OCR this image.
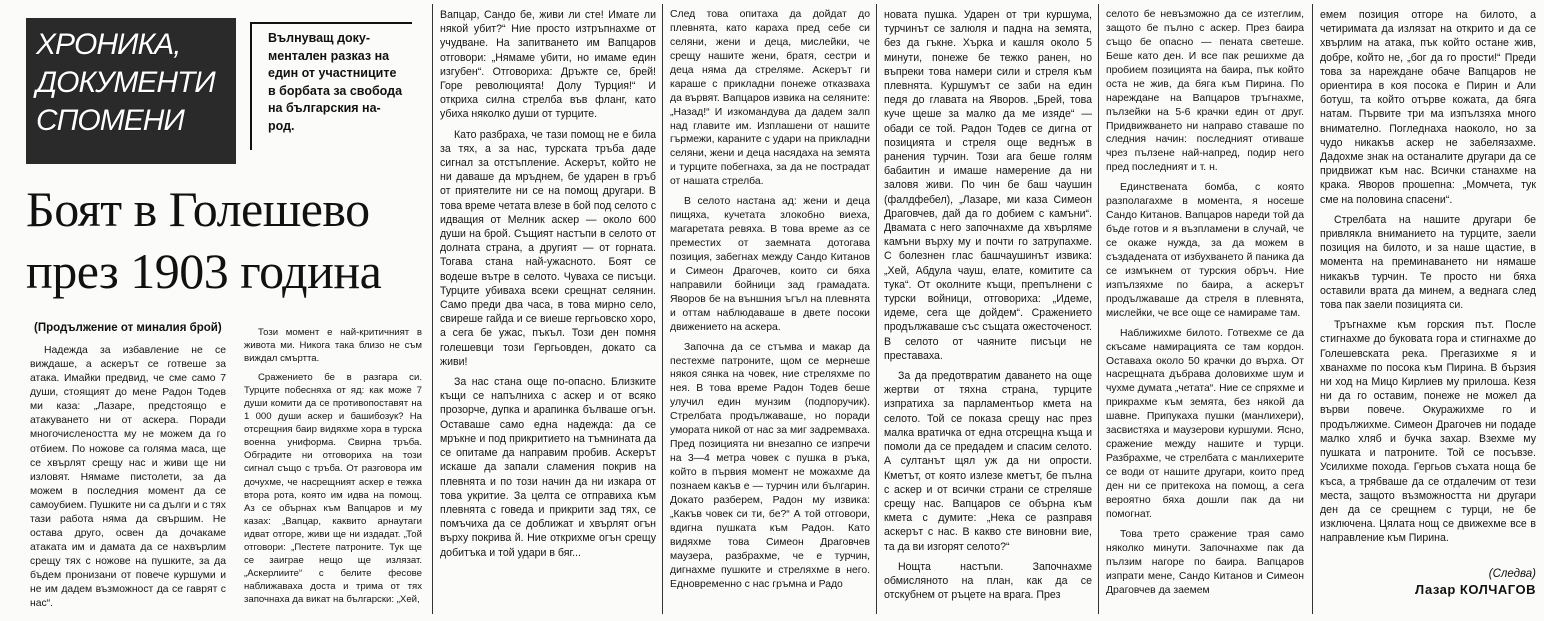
ХРОНИКА,
ДОКУМЕНТИ
СПОМЕНИ
Вълнуващ доку-
ментален разказ на
един от участниците
в борбата за свобода
на българския на-
род.
Боят в Голешево
през 1903 година
(Продължение от миналия брой)

Надежда за избавление не се виждаше, а аскерът се готвеше за атака. Имайки предвид, че сме само 7 души, стоящият до мене Радон Тодев ми каза: „Лазаре, предстоящо е атакуването ни от аскера. Поради многочислеността му не можем да го отбием. По ножове са голяма маса, ще се хвърлят срещу нас и живи ще ни изловят. Нямаме пистолети, за да можем в последния момент да се самоубием. Пушките ни са дълги и с тях тази работа няма да свършим. Не остава друго, освен да дочакаме атаката им и дамата да се нахвърлим срещу тях с ножове на пушките, за да бъдем пронизани от повече куршуми и не им дадем възможност да се гаврят с нас“.

Този момент е най-критичният в живота ми. Никога така близо не съм виждал смъртта.

Сражението бе в разгара си. Турците побесняха от яд: как може 7 души комити да се противопоставят на 1 000 души аскер и башибозук? На отсрещния баир видяхме хора в турска военна униформа. Свирна тръба. Обградите ни отговориха на този сигнал също с тръба. От разговора им дочухме, че насрещният аскер е тежка втора рота, която им идва на помощ. Аз се обърнах към Вапцаров и му казах: „Вапцар, каквито арнаутаги идват отгоре, живи ще ни издадат. „Той отговори: „Пестете патроните. Тук ще се заиграе нещо ще излязат. „Аскерлиите“ с белите фесове наближаваха доста и трима от тях започнаха да викат на български: „Хей,

Вапцар, Сандо бе, живи ли сте! Имате ли някой убит?“ Ние просто изтръпнахме от учудване. На запитването им Вапцаров отговори: „Нямаме убити, но имаме един изгубен“. Отговориха: Дръжте се, брей! Горе революцията! Долу Турция!“ И откриха силна стрелба във фланг, като убиха няколко души от турците.

Като разбраха, че тази помощ не е била за тях, а за нас, турската тръба даде сигнал за отстъпление. Аскерът, който не ни даваше да мръднем, бе ударен в гръб от приятелите ни се на помощ другари. В това време четата влезе в бой под селото с идващия от Мелник аскер — около 600 души на брой. Същият настъпи в селото от долната страна, а другият — от горната. Тогава стана най-ужасното. Боят се водеше вътре в селото. Чуваха се писъци. Турците убиваха всеки срещнат селянин. Само преди два часа, в това мирно село, свиреше гайда и се виеше гергьовско хоро, а сега бе ужас, пъкъл. Този ден помня голешевци този Гергьовден, докато са живи!

За нас стана още по-опасно. Близките къщи се напълниха с аскер и от всяко прозорче, дупка и арапинка бълваше огън. Оставаше само една надежда: да се мръкне и под прикритието на тъмнината да се опитаме да направим пробив. Аскерът искаше да запали сламения покрив на плевнята и по този начин да ни изкара от това укритие. За целта се отправиха към плевнята с говеда и прикрити зад тях, се помъчиха да се доближат и хвърлят огън върху покрива й. Ние открихме огън срещу добитъка и той удари в бяг...

След това опитаха да дойдат до плевнята, като караха пред себе си селяни, жени и деца, мислейки, че срещу нашите жени, братя, сестри и деца няма да стреляме. Аскерът ги караше с прикладни понеже отказваха да вървят. Вапцаров извика на селяните: „Назад!“ И изкомандува да дадем залп над главите им. Изплашени от нашите гърмежи, караните с удари на прикладни селяни, жени и деца насядаха на земята и турците побегнаха, за да не пострадат от нашата стрелба.

В селото настана ад: жени и деца пищяха, кучетата злокобно виеха, магаретата ревяха. В това време аз се преместих от заемната дотогава позиция, забегнах между Сандо Китанов и Симеон Драгочев, които си бяха направили бойници зад грамадата. Яворов бе на външния ъгъл на плевнята и оттам наблюдаваше в двете посоки движението на аскера.

Започна да се стъмва и макар да пестехме патроните, щом се мернеше някоя сянка на човек, ние стреляхме по нея. В това време Радон Тодев беше улучил един мунзим (подпоручик). Стрелбата продължаваше, но поради умората никой от нас за миг задремваха. Пред позицията ни внезапно се изпречи на 3—4 метра човек с пушка в ръка, който в първия момент не можахме да познаем какъв е — турчин или българин. Докато разберем, Радон му извика: „Какъв човек си ти, бе?“ А той отговори, вдигна пушката към Радон. Като видяхме това Симеон Драговчев маузера, разбрахме, че е турчин, дигнахме пушките и стреляхме в него. Едновременно с нас гръмна и Радо

новата пушка. Ударен от три куршума, турчинът се залюля и падна на земята, без да гъкне. Хърка и кашля около 5 минути, понеже бе тежко ранен, но въпреки това намери сили и стреля към плевнята. Куршумът се заби на един педя до главата на Яворов. „Брей, това куче щеше за малко да ме изяде“ — обади се той. Радон Тодев се дигна от позицията и стреля още веднъж в ранения турчин. Този ага беше голям бабаитин и имаше намерение да ни заловя живи. По чин бе баш чаушин (фалдфебел), „Лазаре, ми каза Симеон Драговчев, дай да го добием с камъни“. Двамата с него започнахме да хвърляме камъни върху му и почти го затрупахме. С болезнен глас башчаушинът извика: „Хей, Абдула чауш, елате, комитите са тука“. От околните къщи, препълнени с турски войници, отговориха: „Идеме, идеме, сега ще дойдем“. Сражението продължаваше със същата ожесточеност. В селото от чаяните писъци не преставаха.

За да предотвратим даването на още жертви от тяхна страна, турците изпратиха за парламентьор кмета на селото. Той се показа срещу нас през малка вратичка от една отсрещна къща и помоли да се предадем и спасим селото. А султанът щял уж да ни опрости. Кметът, от която излезе кметът, бе пълна с аскер и от всички страни се стреляше срещу нас. Вапцаров се обърна към кмета с думите: „Нека се разправя аскерът с нас. В какво сте виновни вие, та да ви изгорят селото?“

Нощта настъпи. Започнахме обмисляното на план, как да се отскубнем от ръцете на врага. През

селото бе невъзможно да се изтеглим, защото бе пълно с аскер. През баира също бе опасно — пената светеше. Беше като ден. И все пак решихме да пробием позицията на баира, пък който оста не жив, да бяга към Пирина. По нареждане на Вапцаров тръгнахме, пълзейки на 5-6 крачки един от друг. Придвижването ни направо ставаше по следния начин: последният отиваше чрез пълзене най-напред, подир него пред последният и т. н.

Единствената бомба, с която разполагахме в момента, я носеше Сандо Китанов. Вапцаров нареди той да бъде готов и я възпламени в случай, че се окаже нужда, за да можем в създадената от избухването й паника да се измъкнем от турския обръч. Ние изпълзяхме по баира, а аскерът продължаваше да стреля в плевнята, мислейки, че все още се намираме там.

Наближихме билото. Готвехме се да скъсаме намирацията се там кордон. Оставаха около 50 крачки до върха. От насрещната дъбрава доловихме шум и чухме думата „четата“. Ние се спряхме и прикрахме към земята, без някой да шавне. Припукаха пушки (манлихери), засвистяха и маузерови куршуми. Ясно, сражение между нашите и турци. Разбрахме, че стрелбата с манлихерите се води от нашите другари, които пред ден ни се притекоха на помощ, а сега вероятно бяха дошли пак да ни помогнат.

Това трето сражение трая само няколко минути. Започнахме пак да пълзим нагоре по баира. Вапцаров изпрати мене, Сандо Китанов и Симеон Драговчев да заемем

емем позиция отгоре на билото, а четиримата да излязат на открито и да се хвърлим на атака, пък който остане жив, добре, който не, „бог да го прости!“ Преди това за нареждане обаче Вапцаров не ориентира в коя посока е Пирин и Али ботуш, та който отърве кожата, да бяга натам. Първите три ма изпълзяха много внимателно. Погледнаха наоколо, но за чудо никакъв аскер не забелязахме. Дадохме знак на останалите другари да се придвижат към нас. Всички станахме на крака. Яворов прошепна: „Момчета, тук сме на половина спасени“.

Стрелбата на нашите другари бе привлякла вниманието на турците, заели позиция на билото, и за наше щастие, в момента на преминаването ни нямаше никакъв турчин. Те просто ни бяха оставили врата да минем, а веднага след това пак заели позицията си.

Тръгнахме към горския път. После стигнахме до буковата гора и стигнахме до Голешевската река. Прегазихме я и хванахме по посока към Пирина. В бързия ни ход на Мицо Кирлиев му прилоша. Кезя ни да го оставим, понеже не можел да върви повече. Окуражихме го и продължихме. Симеон Драгочев ни подаде малко хляб и бучка захар. Взехме му пушката и патроните. Той се посъвзе. Усилихме похода. Гергьов съхата ноща бе къса, а трябваше да се отдалечим от тези места, защото възможността ни другари ден да се срещнем с турци, не бе изключена. Цялата нощ се движехме все в направление към Пирина.

(Следва)
Лазар КОЛЧАГОВ
